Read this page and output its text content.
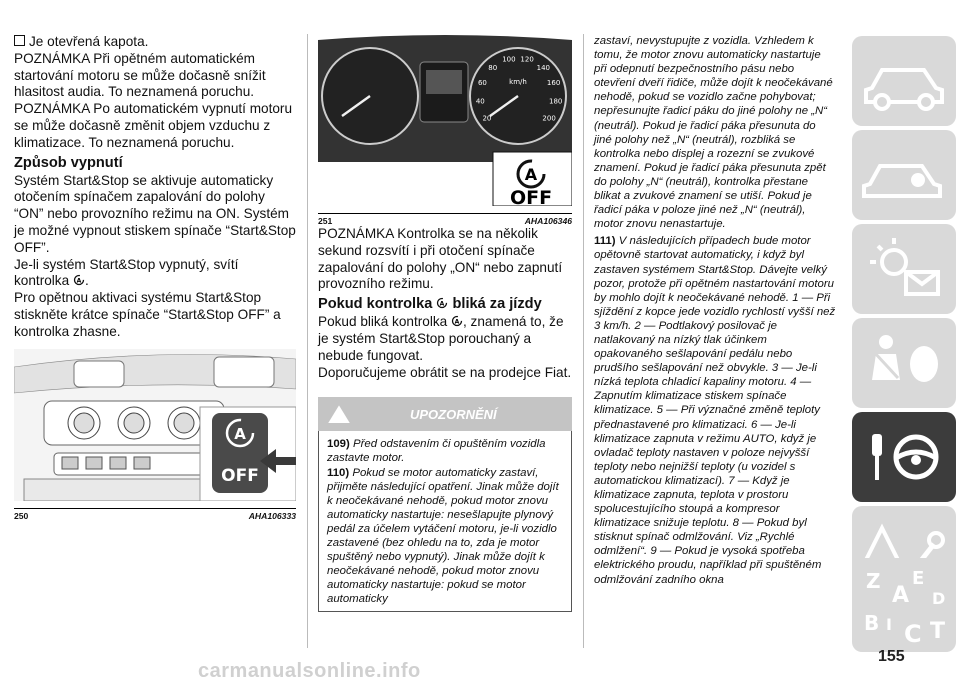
Je otevřená kapota.

POZNÁMKA Při opětném automatickém startování motoru se může dočasně snížit hlasitost audia. To neznamená poruchu.

POZNÁMKA Po automatickém vypnutí motoru se může dočasně změnit objem vzduchu z klimatizace. To neznamená poruchu.

Způsob vypnutí

Systém Start&Stop se aktivuje automaticky otočením spínačem zapalování do polohy “ON” nebo provozního režimu na ON. Systém je možné vypnout stiskem spínače “Start&Stop OFF”.

Je-li systém Start&Stop vypnutý, svítí kontrolka A .

Pro opětnou aktivaci systému Start&Stop stiskněte krátce spínače “Start&Stop OFF” a kontrolka zhasne.

A
OFF
250	AHA106333
20
40
60
80
100 120
140
160
180
200
km/h
A
OFF
251	AHA106346

POZNÁMKA Kontrolka se na několik sekund rozsvítí i při otočení spínače zapalování do polohy „ON“ nebo zapnutí provozního režimu.

Pokud kontrolka A bliká za jízdy

Pokud bliká kontrolka A , znamená to, že je systém Start&Stop porouchaný a nebude fungovat.

Doporučujeme obrátit se na prodejce Fiat.

UPOZORNĚNÍ

109) Před odstavením či opuštěním vozidla zastavte motor.

110) Pokud se motor automaticky zastaví, přijměte následující opatření. Jinak může dojít k neočekávané nehodě, pokud motor znovu automaticky nastartuje: nesešlapujte plynový pedál za účelem vytáčení motoru, je-li vozidlo zastavené (bez ohledu na to, zda je motor spuštěný nebo vypnutý). Jinak může dojít k neočekávané nehodě, pokud motor znovu automaticky nastartuje: pokud se motor automaticky

zastaví, nevystupujte z vozidla. Vzhledem k tomu, že motor znovu automaticky nastartuje při odepnutí bezpečnostního pásu nebo otevření dveří řidiče, může dojít k neočekávané nehodě, pokud se vozidlo začne pohybovat; nepřesunujte řadicí páku do jiné polohy ne „N“ (neutrál). Pokud je řadicí páka přesunuta do jiné polohy než „N“ (neutrál), rozbliká se kontrolka nebo displej a rozezní se zvukové znamení. Pokud je řadicí páka přesunuta zpět do polohy „N“ (neutrál), kontrolka přestane blikat a zvukové znamení se utiší. Pokud je řadicí páka v poloze jiné než „N“ (neutrál), motor znovu nenastartuje.

111) V následujících případech bude motor opětovně startovat automaticky, i když byl zastaven systémem Start&Stop. Dávejte velký pozor, protože při opětném nastartování motoru by mohlo dojít k neočekávané nehodě. 1 — Při sjíždění z kopce jede vozidlo rychlostí vyšší než 3 km/h. 2 — Podtlakový posilovač je natlakovaný na nízký tlak účinkem opakovaného sešlapování pedálu nebo prudšího sešlapování než obvykle. 3 — Je-li nízká teplota chladicí kapaliny motoru. 4 — Zapnutím klimatizace stiskem spínače klimatizace. 5 — Při význačné změně teploty přednastavené pro klimatizaci. 6 — Je-li klimatizace zapnuta v režimu AUTO, když je ovladač teploty nastaven v poloze nejvyšší teploty nebo nejnižší teploty (u vozidel s automatickou klimatizací). 7 — Když je klimatizace zapnuta, teplota v prostoru spolucestujícího stoupá a kompresor klimatizace snižuje teplotu. 8 — Pokud byl stisknut spínač odmlžování. Viz „Rychlé odmlžení“. 9 — Pokud je vysoká spotřeba elektrického proudu, například při spuštěném odmlžování zadního okna	Z E
A D
B I C T
155
carmanualsonline.info
